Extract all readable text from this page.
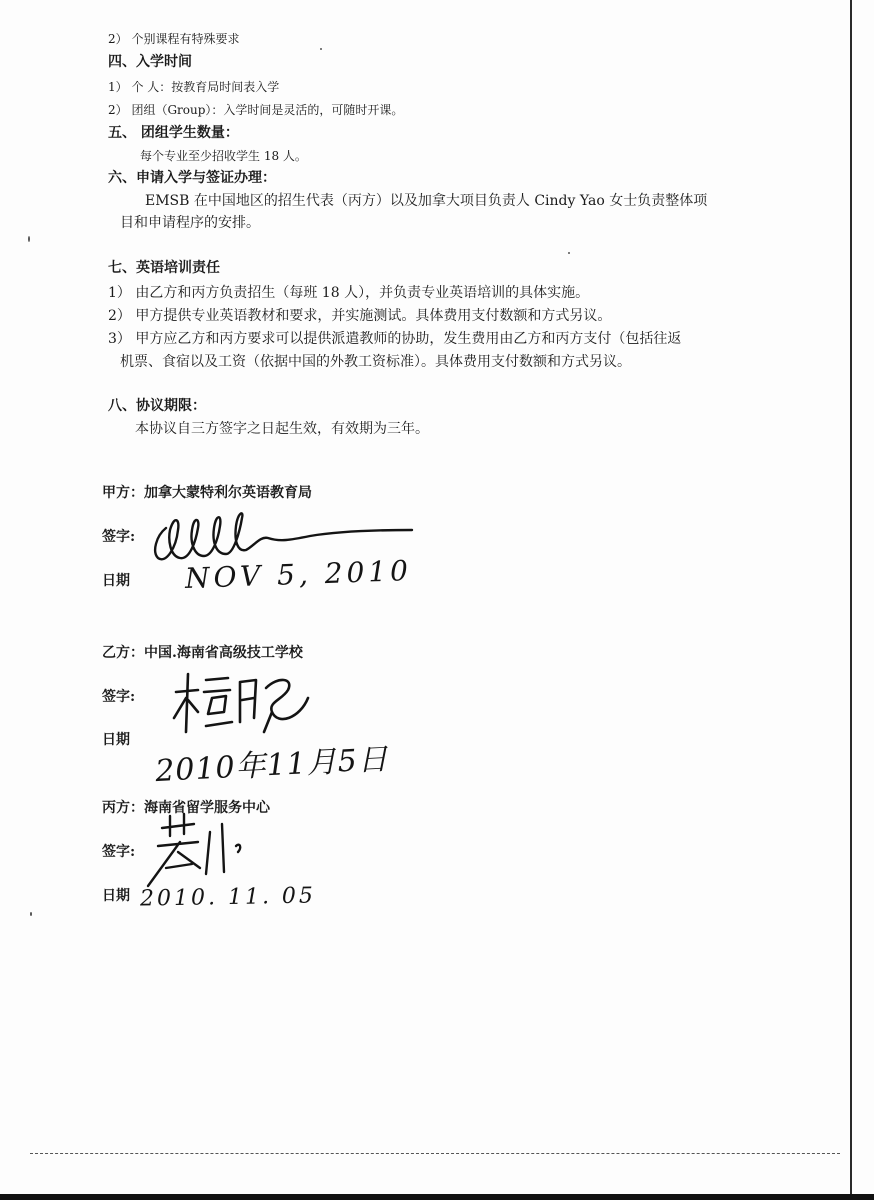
2） 个别课程有特殊要求
四、入学时间
1） 个 人：按教育局时间表入学
2） 团组（Group）：入学时间是灵活的，可随时开课。
五、 团组学生数量：
每个专业至少招收学生 18 人。
六、申请入学与签证办理：
EMSB 在中国地区的招生代表（丙方）以及加拿大项目负责人 Cindy Yao 女士负责整体项
目和申请程序的安排。
七、英语培训责任
1） 由乙方和丙方负责招生（每班 18 人），并负责专业英语培训的具体实施。
2） 甲方提供专业英语教材和要求，并实施测试。具体费用支付数额和方式另议。
3） 甲方应乙方和丙方要求可以提供派遣教师的协助，发生费用由乙方和丙方支付（包括往返
机票、食宿以及工资（依据中国的外教工资标准）。具体费用支付数额和方式另议。
八、协议期限：
本协议自三方签字之日起生效，有效期为三年。
甲方：加拿大蒙特利尔英语教育局
签字:
日期 NOV 5, 2010
乙方：中国.海南省高级技工学校
签字:
日期
2010年11月5日
丙方：海南省留学服务中心
签字:
日期 2010. 11. 05
